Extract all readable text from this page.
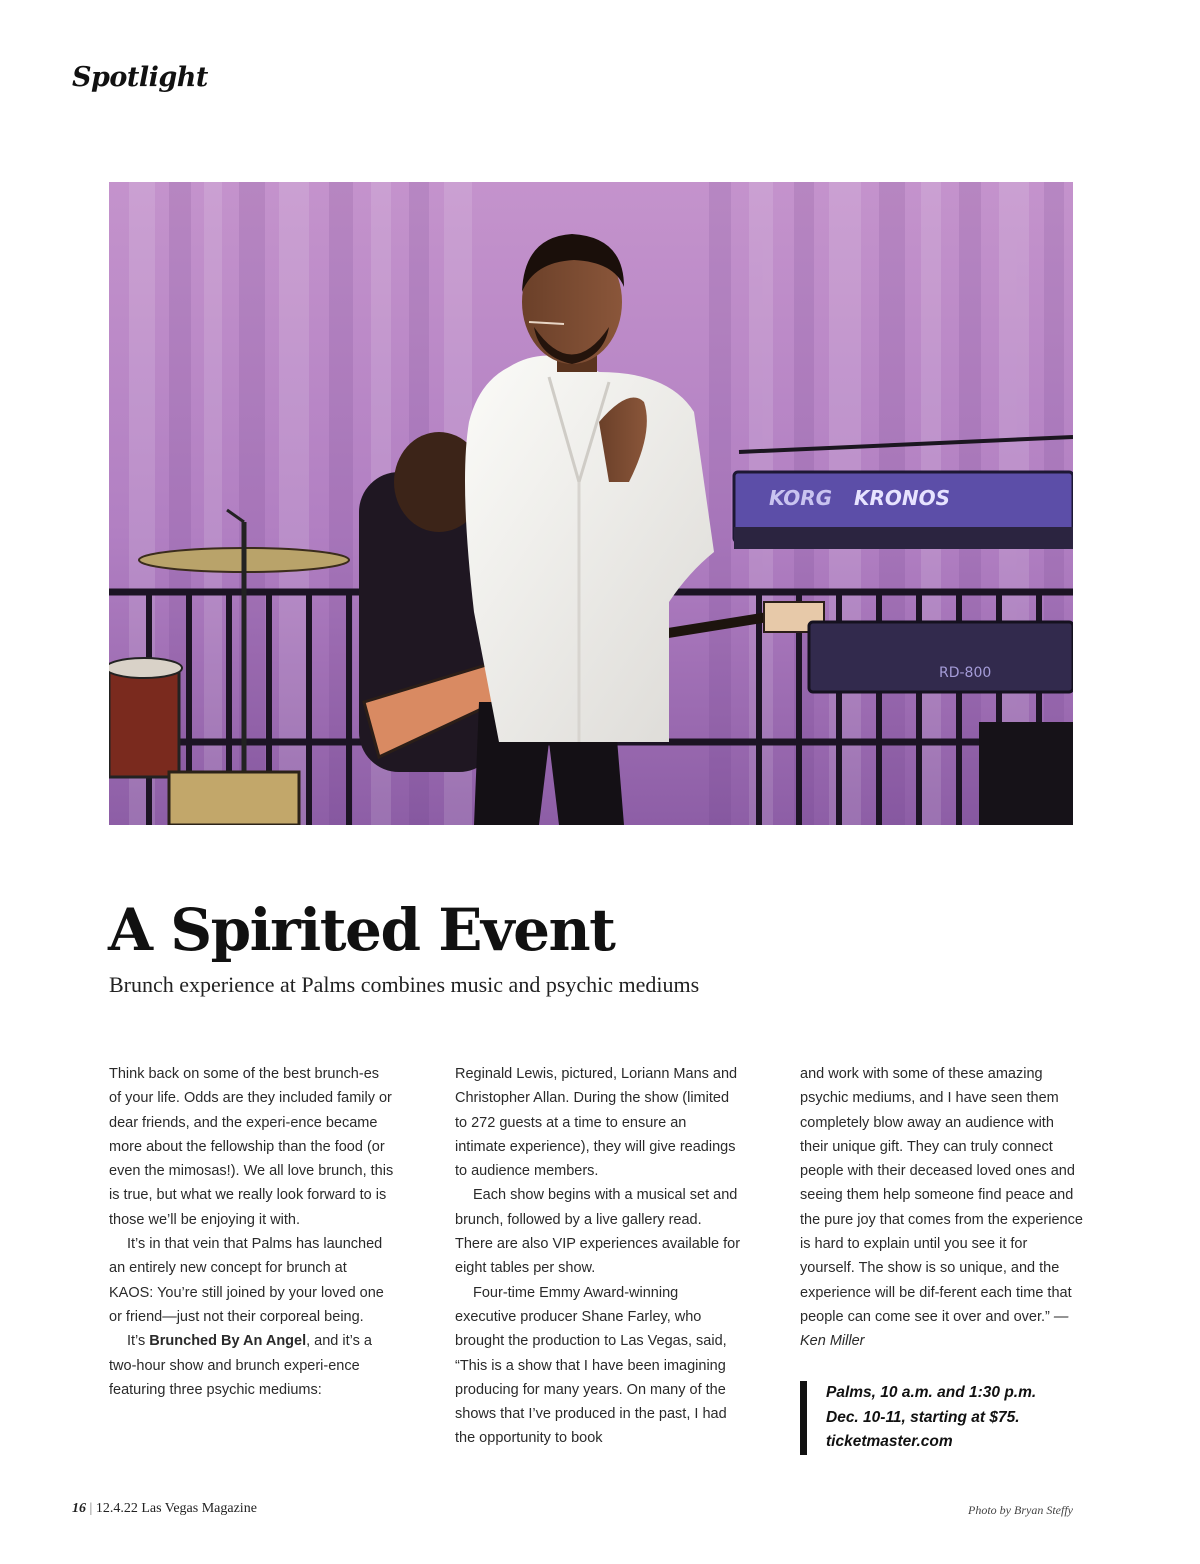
Spotlight
KORG KRONOS
RD-800
A Spirited Event

Brunch experience at Palms combines music and psychic mediums

Think back on some of the best brunch-es of your life. Odds are they included family or dear friends, and the experi-ence became more about the fellowship than the food (or even the mimosas!). We all love brunch, this is true, but what we really look forward to is those we’ll be enjoying it with.

It’s in that vein that Palms has launched an entirely new concept for brunch at KAOS: You’re still joined by your loved one or friend—just not their corporeal being.

It’s Brunched By An Angel, and it’s a two-hour show and brunch experi-ence featuring three psychic mediums:

Reginald Lewis, pictured, Loriann Mans and Christopher Allan. During the show (limited to 272 guests at a time to ensure an intimate experience), they will give readings to audience members.

Each show begins with a musical set and brunch, followed by a live gallery read. There are also VIP experiences available for eight tables per show.

Four-time Emmy Award-winning executive producer Shane Farley, who brought the production to Las Vegas, said, “This is a show that I have been imagining producing for many years. On many of the shows that I’ve produced in the past, I had the opportunity to book

and work with some of these amazing psychic mediums, and I have seen them completely blow away an audience with their unique gift. They can truly connect people with their deceased loved ones and seeing them help someone find peace and the pure joy that comes from the experience is hard to explain until you see it for yourself. The show is so unique, and the experience will be dif-ferent each time that people can come see it over and over.” —Ken Miller

Palms, 10 a.m. and 1:30 p.m.
Dec. 10-11, starting at $75.
ticketmaster.com
16 | 12.4.22 Las Vegas Magazine	Photo by Bryan Steffy
